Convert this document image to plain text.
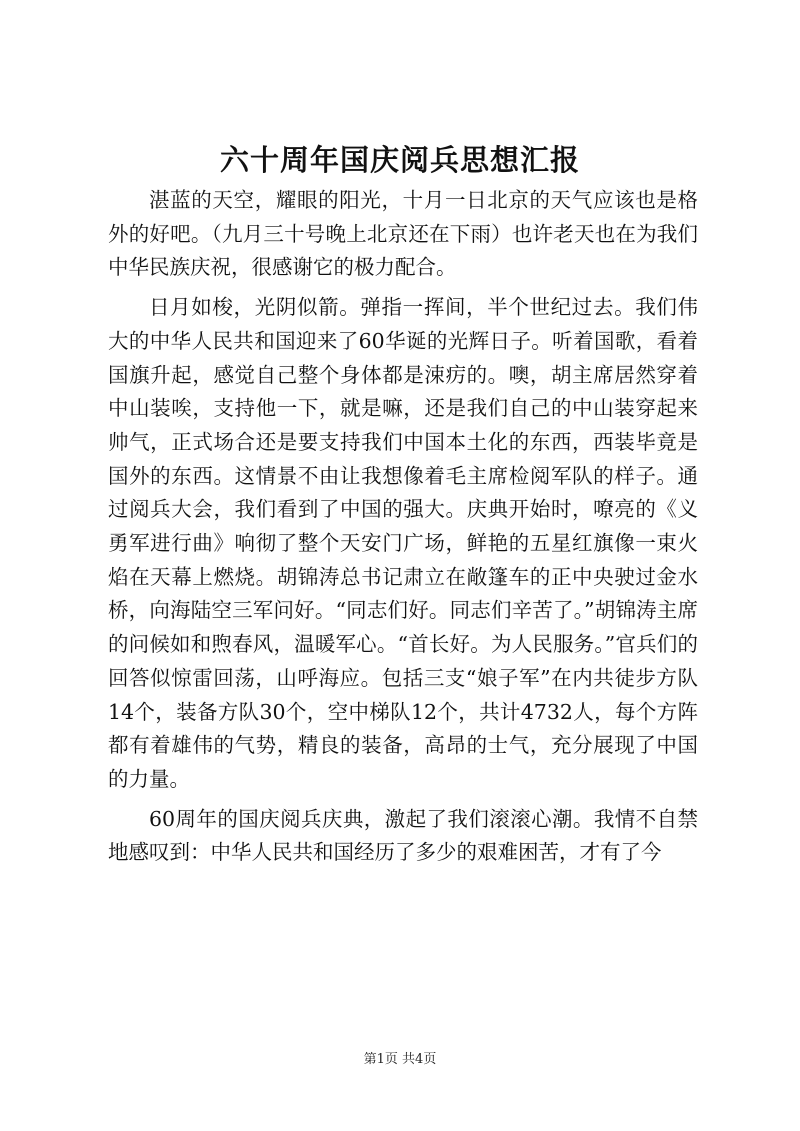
六十周年国庆阅兵思想汇报

湛蓝的天空，耀眼的阳光，十月一日北京的天气应该也是格外的好吧。（九月三十号晚上北京还在下雨）也许老天也在为我们中华民族庆祝，很感谢它的极力配合。

日月如梭，光阴似箭。弹指一挥间，半个世纪过去。我们伟大的中华人民共和国迎来了60华诞的光辉日子。听着国歌，看着国旗升起，感觉自己整个身体都是涑疠的。噢，胡主席居然穿着中山装唉，支持他一下，就是嘛，还是我们自己的中山装穿起来帅气，正式场合还是要支持我们中国本土化的东西，西装毕竟是国外的东西。这情景不由让我想像着毛主席检阅军队的样子。通过阅兵大会，我们看到了中国的强大。庆典开始时，嘹亮的《义勇军进行曲》响彻了整个天安门广场，鲜艳的五星红旗像一束火焰在天幕上燃烧。胡锦涛总书记肃立在敞篷车的正中央驶过金水桥，向海陆空三军问好。“同志们好。同志们辛苦了。”胡锦涛主席的问候如和煦春风，温暖军心。“首长好。为人民服务。”官兵们的回答似惊雷回荡，山呼海应。包括三支“娘子军”在内共徒步方队14个，装备方队30个，空中梯队12个，共计4732人，每个方阵都有着雄伟的气势，精良的装备，高昂的士气，充分展现了中国的力量。

60周年的国庆阅兵庆典，激起了我们滚滚心潮。我情不自禁地感叹到：中华人民共和国经历了多少的艰难困苦，才有了今

第1页 共4页
